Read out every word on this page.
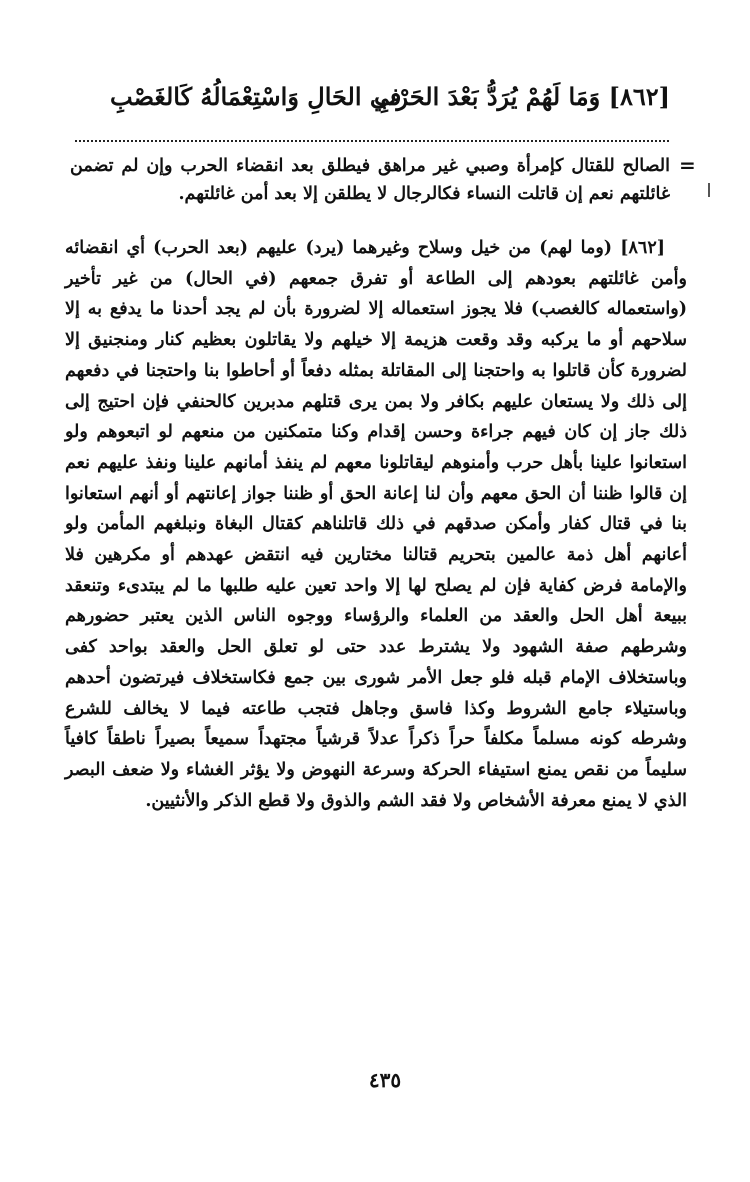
[٨٦٢] وَمَا لَهُمْ يُرَدُّ بَعْدَ الحَرْبِ
في الحَالِ وَاسْتِعْمَالُهُ كَالغَصْبِ
=

الصالح للقتال كإمرأة وصبي غير مراهق فيطلق بعد انقضاء الحرب وإن لم تضمن غائلتهم نعم إن قاتلت النساء فكالرجال لا يطلقن إلا بعد أمن غائلتهم.

[٨٦٢] (وما لهم) من خيل وسلاح وغيرهما (يرد) عليهم (بعد الحرب) أي انقضائه وأمن غائلتهم بعودهم إلى الطاعة أو تفرق جمعهم (في الحال) من غير تأخير (واستعماله كالغصب) فلا يجوز استعماله إلا لضرورة بأن لم يجد أحدنا ما يدفع به إلا سلاحهم أو ما يركبه وقد وقعت هزيمة إلا خيلهم ولا يقاتلون بعظيم كنار ومنجنيق إلا لضرورة كأن قاتلوا به واحتجنا إلى المقاتلة بمثله دفعاً أو أحاطوا بنا واحتجنا في دفعهم إلى ذلك ولا يستعان عليهم بكافر ولا بمن يرى قتلهم مدبرين كالحنفي فإن احتيج إلى ذلك جاز إن كان فيهم جراءة وحسن إقدام وكنا متمكنين من منعهم لو اتبعوهم ولو استعانوا علينا بأهل حرب وأمنوهم ليقاتلونا معهم لم ينفذ أمانهم علينا ونفذ عليهم نعم إن قالوا ظننا أن الحق معهم وأن لنا إعانة الحق أو ظننا جواز إعانتهم أو أنهم استعانوا بنا في قتال كفار وأمكن صدقهم في ذلك قاتلناهم كقتال البغاة ونبلغهم المأمن ولو أعانهم أهل ذمة عالمين بتحريم قتالنا مختارين فيه انتقض عهدهم أو مكرهين فلا والإمامة فرض كفاية فإن لم يصلح لها إلا واحد تعين عليه طلبها ما لم يبتدىء وتنعقد ببيعة أهل الحل والعقد من العلماء والرؤساء ووجوه الناس الذين يعتبر حضورهم وشرطهم صفة الشهود ولا يشترط عدد حتى لو تعلق الحل والعقد بواحد كفى وباستخلاف الإمام قبله فلو جعل الأمر شورى بين جمع فكاستخلاف فيرتضون أحدهم وباستيلاء جامع الشروط وكذا فاسق وجاهل فتجب طاعته فيما لا يخالف للشرع وشرطه كونه مسلماً مكلفاً حراً ذكراً عدلاً قرشياً مجتهداً سميعاً بصيراً ناطقاً كافياً سليماً من نقص يمنع استيفاء الحركة وسرعة النهوض ولا يؤثر الغشاء ولا ضعف البصر الذي لا يمنع معرفة الأشخاص ولا فقد الشم والذوق ولا قطع الذكر والأنثيين.

٤٣٥
